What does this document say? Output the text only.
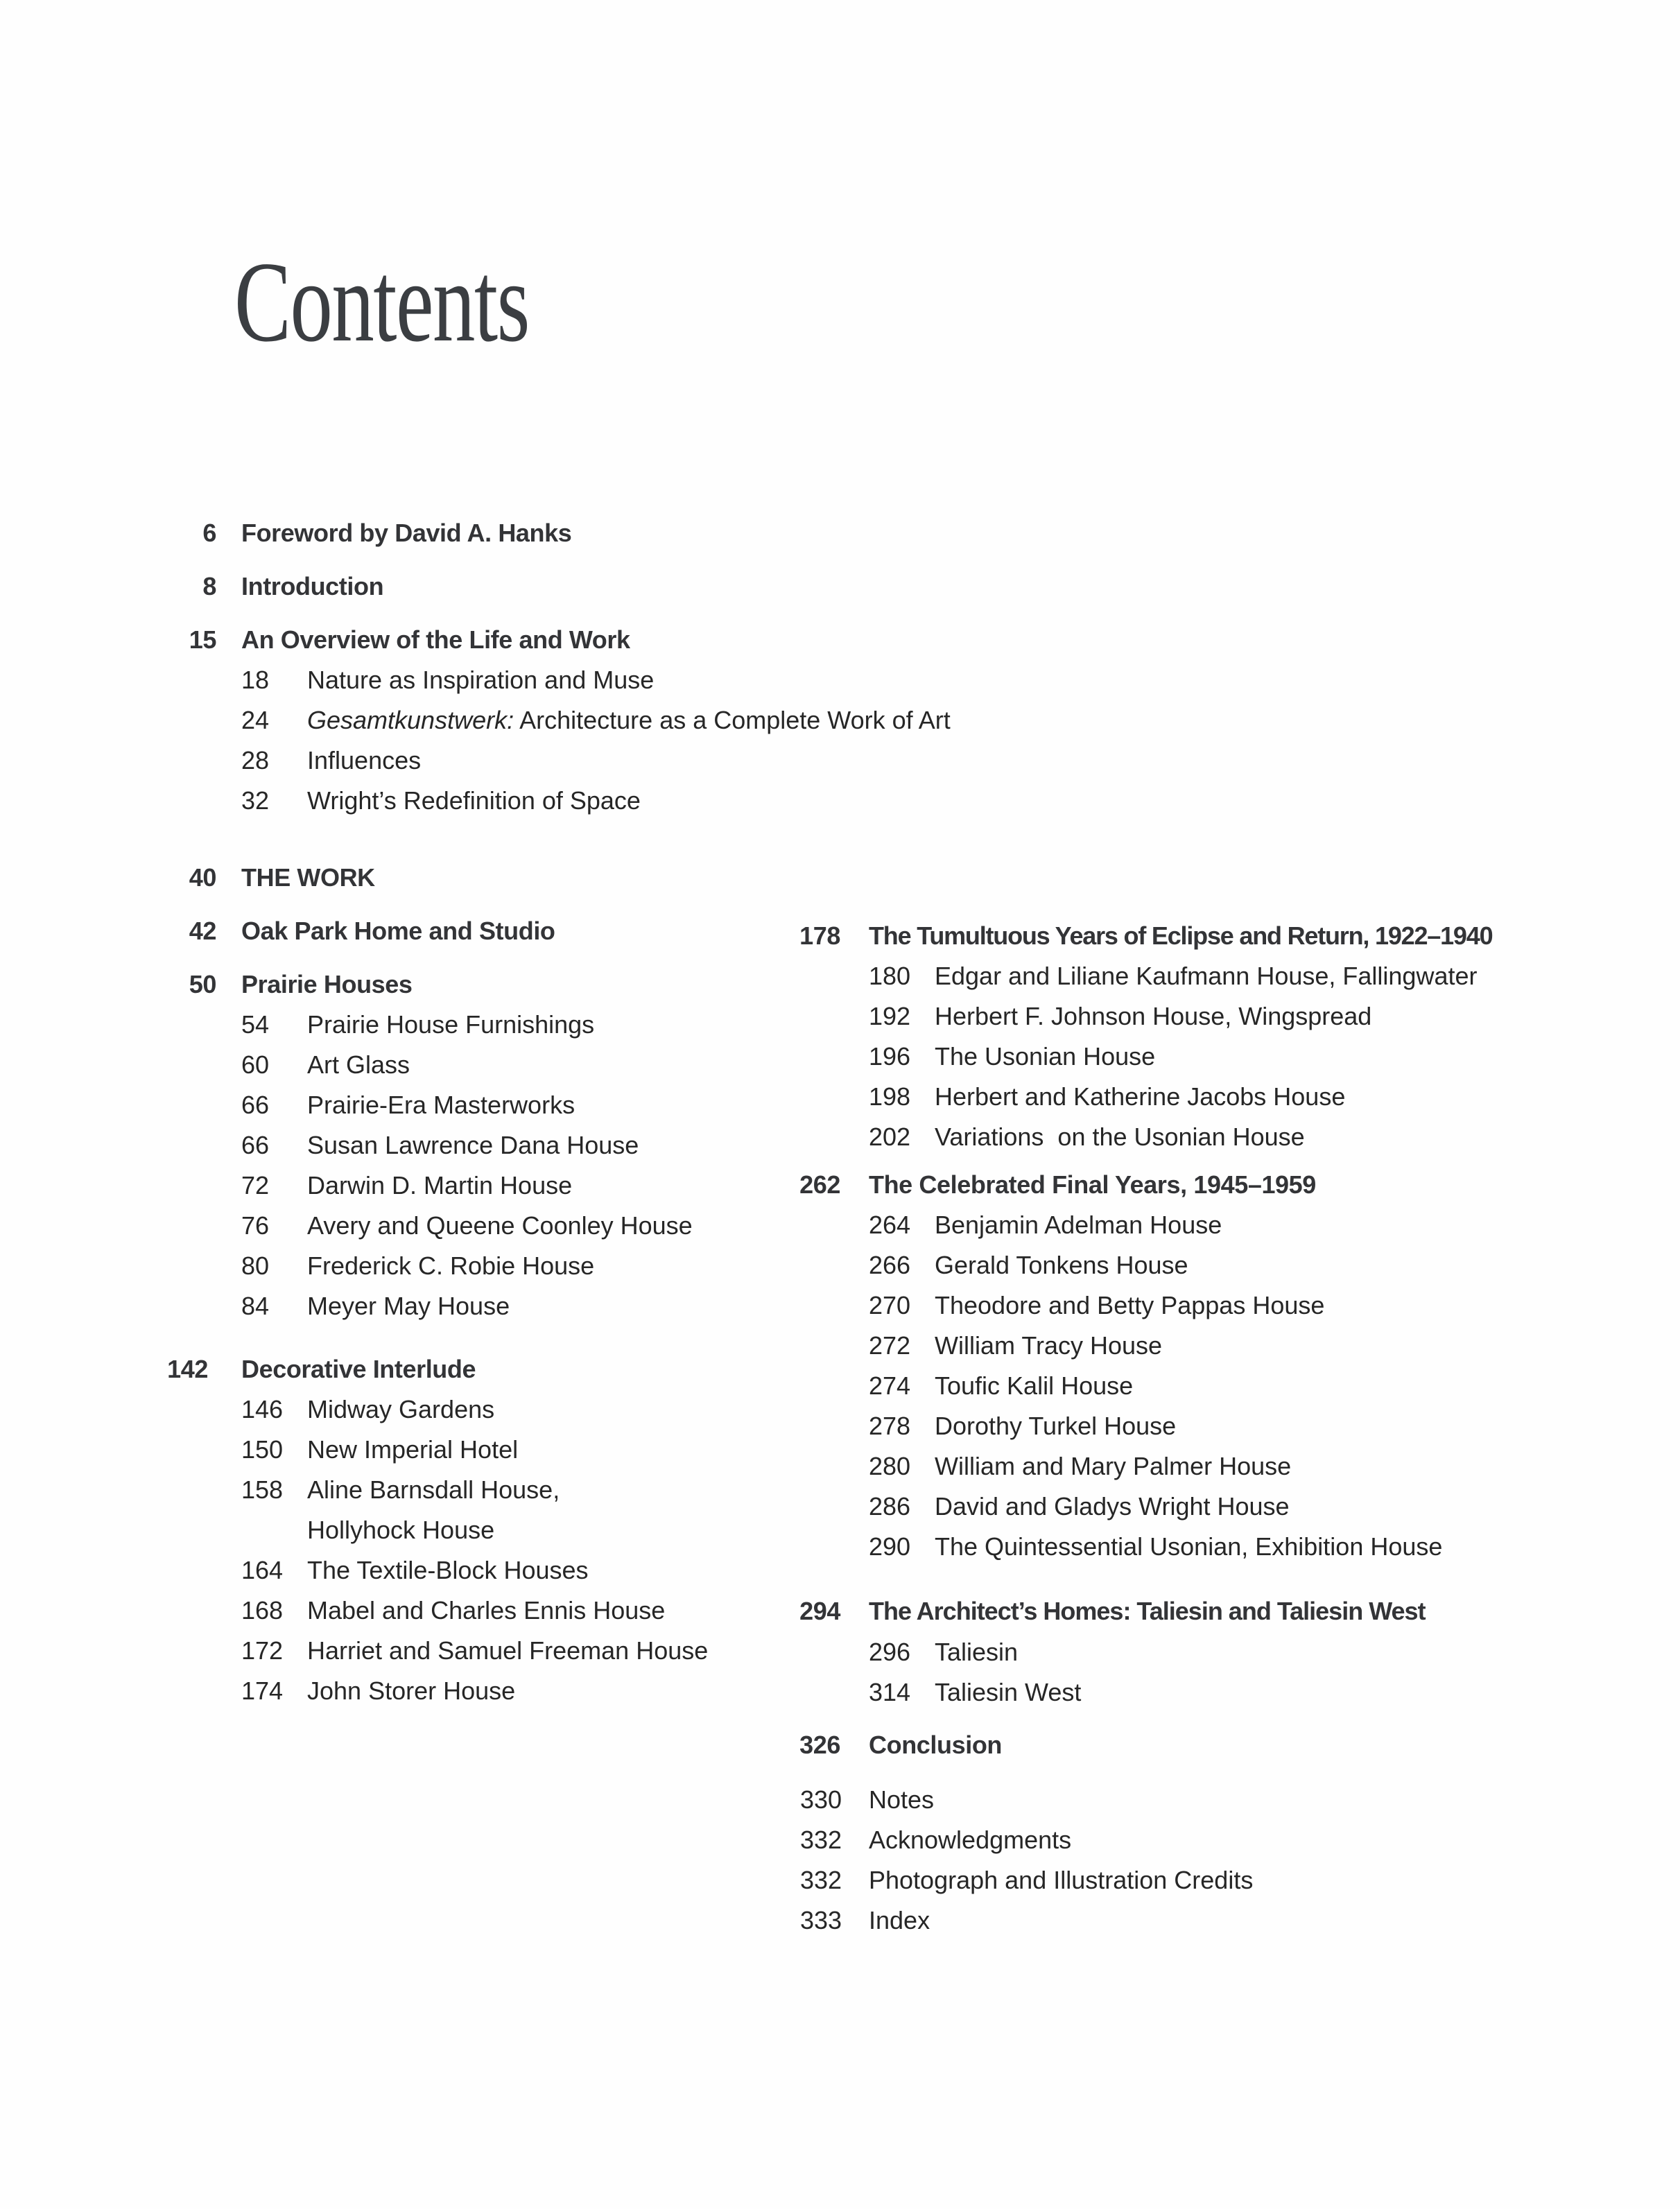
Contents
6 Foreword by David A. Hanks
8 Introduction
15 An Overview of the Life and Work
18	Nature as Inspiration and Muse
24	Gesamtkunstwerk: Architecture as a Complete Work of Art
28	Influences
32	Wright’s Redefinition of Space
40 THE WORK
42 Oak Park Home and Studio
50 Prairie Houses
54	Prairie House Furnishings
60	Art Glass
66	Prairie-Era Masterworks
66	Susan Lawrence Dana House
72	Darwin D. Martin House
76	Avery and Queene Coonley House
80	Frederick C. Robie House
84	Meyer May House
142 Decorative Interlude
146 Midway Gardens
150 New Imperial Hotel
158 Aline Barnsdall House,
Hollyhock House
164 The Textile-Block Houses
168 Mabel and Charles Ennis House
172 Harriet and Samuel Freeman House
174 John Storer House
178 The Tumultuous Years of Eclipse and Return, 1922–1940
180 Edgar and Liliane Kaufmann House, Fallingwater
192 Herbert F. Johnson House, Wingspread
196 The Usonian House
198 Herbert and Katherine Jacobs House
202 Variations  on the Usonian House
262 The Celebrated Final Years, 1945–1959
264 Benjamin Adelman House
266 Gerald Tonkens House
270 Theodore and Betty Pappas House
272 William Tracy House
274 Toufic Kalil House
278 Dorothy Turkel House
280 William and Mary Palmer House
286 David and Gladys Wright House
290 The Quintessential Usonian, Exhibition House
294 The Architect’s Homes: Taliesin and Taliesin West
296 Taliesin
314 Taliesin West
326 Conclusion
330	Notes
332	Acknowledgments
332	Photograph and Illustration Credits
333	Index
